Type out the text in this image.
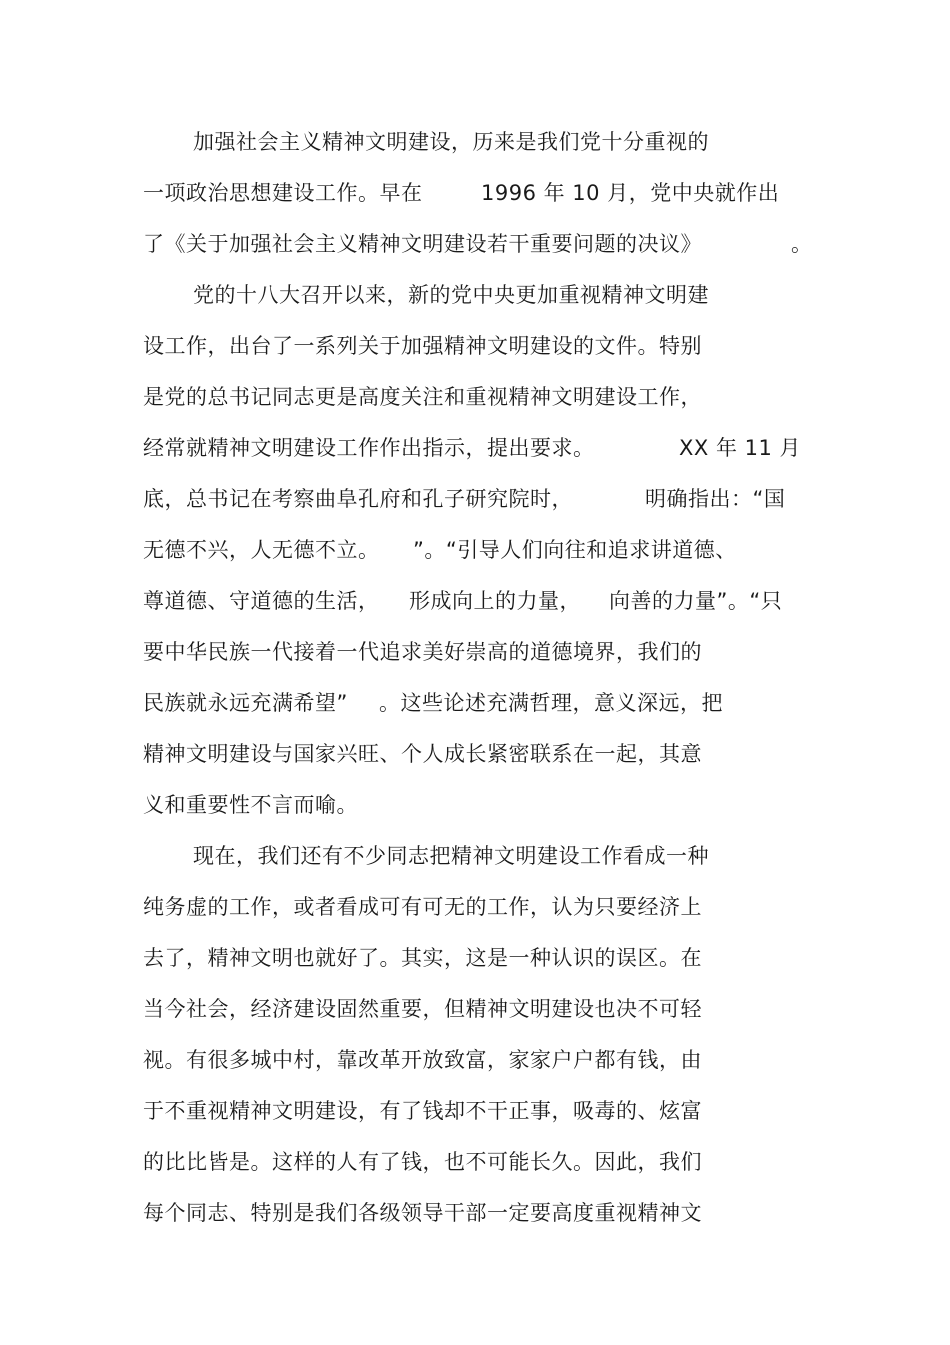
加强社会主义精神文明建设，历来是我们党十分重视的
一项政治思想建设工作。早在	1996 年 10 月，党中央就作出
了《关于加强社会主义精神文明建设若干重要问题的决议》	。
党的十八大召开以来，新的党中央更加重视精神文明建
设工作，出台了一系列关于加强精神文明建设的文件。特别
是党的总书记同志更是高度关注和重视精神文明建设工作，
经常就精神文明建设工作作出指示，提出要求。	XX 年 11 月
底，总书记在考察曲阜孔府和孔子研究院时，	明确指出：“国
无德不兴，人无德不立。 ”。“引导人们向往和追求讲道德、
尊道德、守道德的生活， 形成向上的力量， 向善的力量”。“只
要中华民族一代接着一代追求美好崇高的道德境界，我们的
民族就永远充满希望” 。这些论述充满哲理，意义深远，把
精神文明建设与国家兴旺、个人成长紧密联系在一起，其意
义和重要性不言而喻。
现在，我们还有不少同志把精神文明建设工作看成一种
纯务虚的工作，或者看成可有可无的工作，认为只要经济上
去了，精神文明也就好了。其实，这是一种认识的误区。在
当今社会，经济建设固然重要，但精神文明建设也决不可轻
视。有很多城中村，靠改革开放致富，家家户户都有钱，由
于不重视精神文明建设，有了钱却不干正事，吸毒的、炫富
的比比皆是。这样的人有了钱，也不可能长久。因此，我们
每个同志、特别是我们各级领导干部一定要高度重视精神文
